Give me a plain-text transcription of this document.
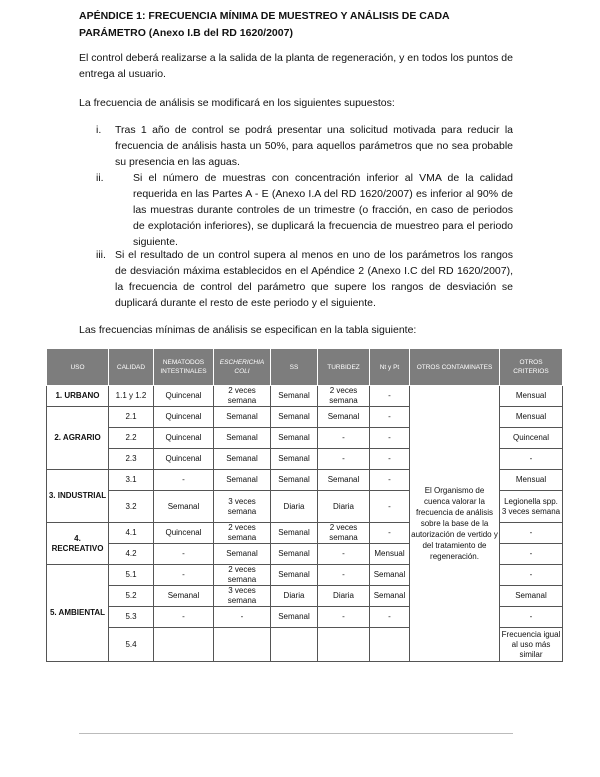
APÉNDICE 1: FRECUENCIA MÍNIMA DE MUESTREO Y ANÁLISIS DE CADA PARÁMETRO (Anexo I.B del RD 1620/2007)
El control deberá realizarse a la salida de la planta de regeneración, y en todos los puntos de entrega al usuario.
La frecuencia de análisis se modificará en los siguientes supuestos:
i.	Tras 1 año de control se podrá presentar una solicitud motivada para reducir la frecuencia de análisis hasta un 50%, para aquellos parámetros que no sea probable su presencia en las aguas.
ii.	Si el número de muestras con concentración inferior al VMA de la calidad requerida en las Partes A - E (Anexo I.A del RD 1620/2007) es inferior al 90% de las muestras durante controles de un trimestre (o fracción, en caso de periodos de explotación inferiores), se duplicará la frecuencia de muestreo para el periodo siguiente.
iii. Si el resultado de un control supera al menos en uno de los parámetros los rangos de desviación máxima establecidos en el Apéndice 2 (Anexo I.C del RD 1620/2007), la frecuencia de control del parámetro que supere los rangos de desviación se duplicará durante el resto de este periodo y el siguiente.
Las frecuencias mínimas de análisis se especifican en la tabla siguiente:
USO	CALIDAD	NEMATODOS INTESTINALES	ESCHERICHIA COLI	SS	TURBIDEZ	Nt y Pt	OTROS CONTAMINATES	OTROS CRITERIOS
1. URBANO	1.1 y 1.2	Quincenal	2 veces semana	Semanal	2 veces semana	-	El Organismo de cuenca valorar la frecuencia de análisis sobre la base de la autorización de vertido y del tratamiento de regeneración.	Mensual
2. AGRARIO	2.1	Quincenal	Semanal	Semanal	Semanal	-		Mensual
	2.2	Quincenal	Semanal	Semanal	-	-		Quincenal
	2.3	Quincenal	Semanal	Semanal	-	-		-
3. INDUSTRIAL	3.1	-	Semanal	Semanal	Semanal	-		Mensual
	3.2	Semanal	3 veces semana	Diaria	Diaria	-		Legionella spp. 3 veces semana
4. RECREATIVO	4.1	Quincenal	2 veces semana	Semanal	2 veces semana	-		-
	4.2	-	Semanal	Semanal	-	Mensual		-
5. AMBIENTAL	5.1	-	2 veces semana	Semanal	-	Semanal		-
	5.2	Semanal	3 veces semana	Diaria	Diaria	Semanal		Semanal
	5.3	-	-	Semanal	-	-		-
	5.4							Frecuencia igual al uso más similar
